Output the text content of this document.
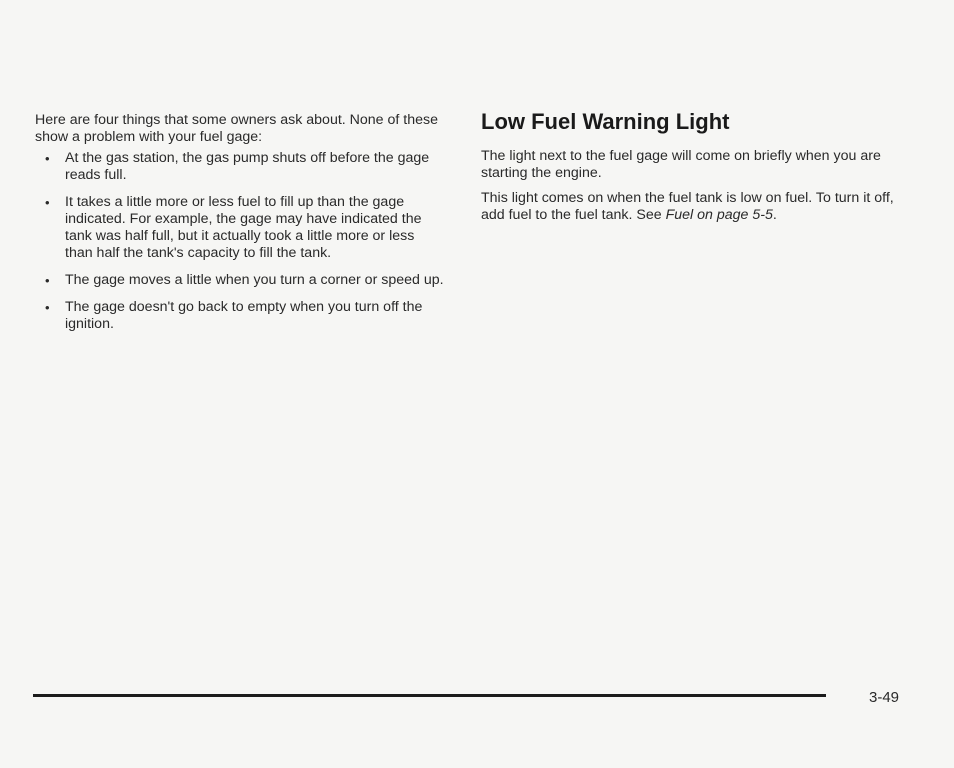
Here are four things that some owners ask about. None of these show a problem with your fuel gage:

• At the gas station, the gas pump shuts off before the gage reads full.
• It takes a little more or less fuel to fill up than the gage indicated. For example, the gage may have indicated the tank was half full, but it actually took a little more or less than half the tank's capacity to fill the tank.
• The gage moves a little when you turn a corner or speed up.
• The gage doesn't go back to empty when you turn off the ignition.
Low Fuel Warning Light

The light next to the fuel gage will come on briefly when you are starting the engine.

This light comes on when the fuel tank is low on fuel. To turn it off, add fuel to the fuel tank. See Fuel on page 5-5.

3-49
